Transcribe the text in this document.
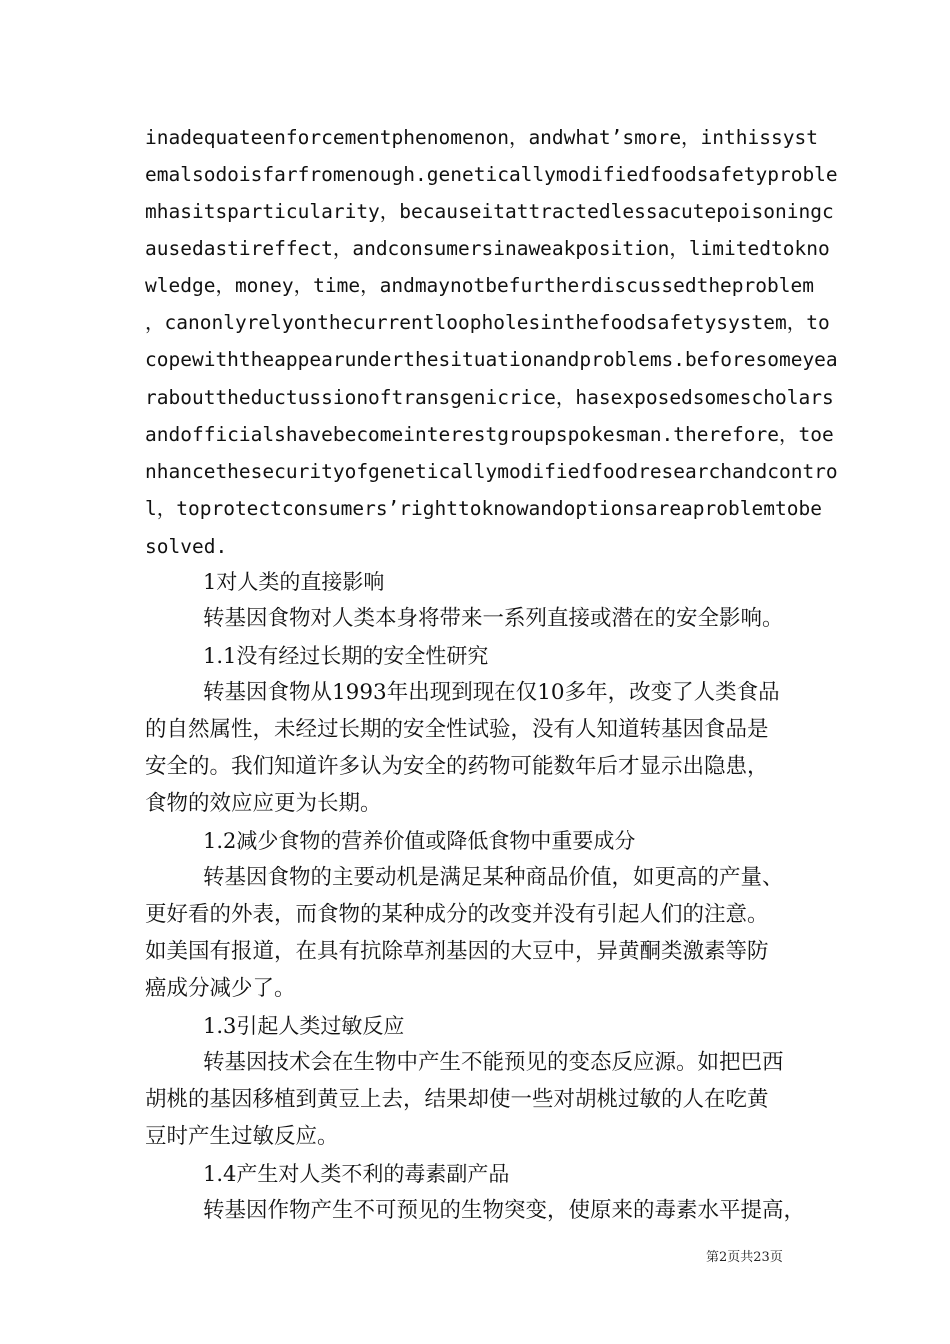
inadequateenforcementphenomenon，andwhat’smore，inthissyst
emalsodoisfarfromenough.geneticallymodifiedfoodsafetyproble
mhasitsparticularity，becauseitattractedlessacutepoisoningc
ausedastireffect，andconsumersinaweakposition，limitedtokno
wledge，money，time，andmaynotbefurtherdiscussedtheproblem
，canonlyrelyonthecurrentloopholesinthefoodsafetysystem，to
copewiththeappearunderthesituationandproblems.beforesomeyea
rabouttheductussionoftransgenicrice，hasexposedsomescholars
andofficialshavebecomeinterestgroupspokesman.therefore，toe
nhancethesecurityofgeneticallymodifiedfoodresearchandcontro
l，toprotectconsumers’righttoknowandoptionsareaproblemtobe
solved.
1对人类的直接影响
转基因食物对人类本身将带来一系列直接或潜在的安全影响。
1.1没有经过长期的安全性研究
转基因食物从1993年出现到现在仅10多年，改变了人类食品
的自然属性，未经过长期的安全性试验，没有人知道转基因食品是
安全的。我们知道许多认为安全的药物可能数年后才显示出隐患，
食物的效应应更为长期。
1.2减少食物的营养价值或降低食物中重要成分
转基因食物的主要动机是满足某种商品价值，如更高的产量、
更好看的外表，而食物的某种成分的改变并没有引起人们的注意。
如美国有报道，在具有抗除草剂基因的大豆中，异黄酮类激素等防
癌成分减少了。
1.3引起人类过敏反应
转基因技术会在生物中产生不能预见的变态反应源。如把巴西
胡桃的基因移植到黄豆上去，结果却使一些对胡桃过敏的人在吃黄
豆时产生过敏反应。
1.4产生对人类不利的毒素副产品
转基因作物产生不可预见的生物突变，使原来的毒素水平提高，
第2页共23页
